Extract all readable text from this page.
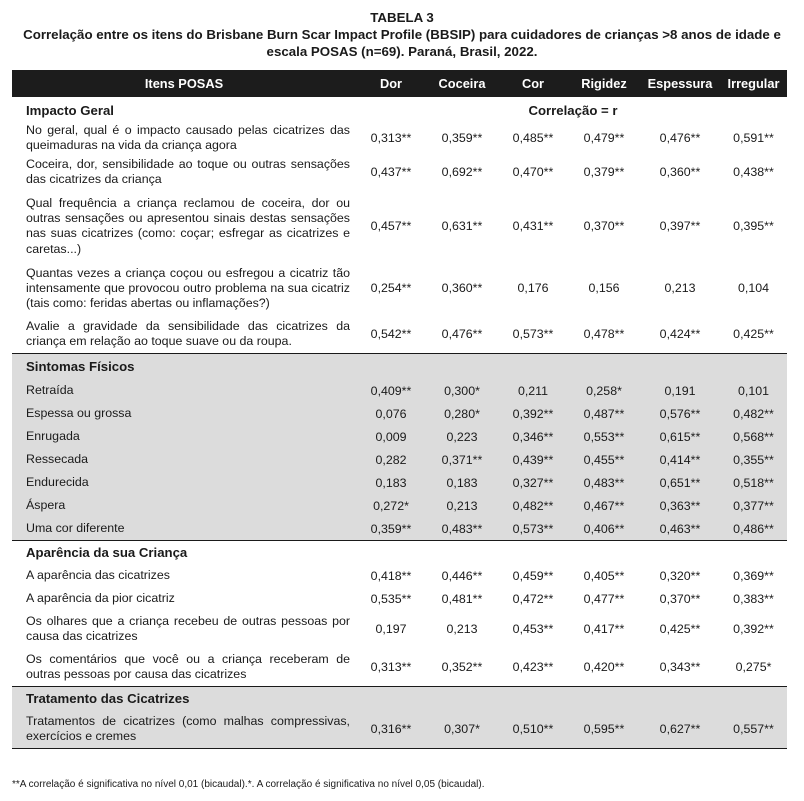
TABELA 3
Correlação entre os itens do Brisbane Burn Scar Impact Profile (BBSIP) para cuidadores de crianças >8 anos de idade e
escala POSAS (n=69). Paraná, Brasil, 2022.
Itens POSAS	Dor	Coceira	Cor	Rigidez	Espessura	Irregular
Impacto Geral		Correlação = r				
No geral, qual é o impacto causado pelas cicatrizes das queimaduras na vida da criança agora	0,313**	0,359**	0,485**	0,479**	0,476**	0,591**
Coceira, dor, sensibilidade ao toque ou outras sensações das cicatrizes da criança	0,437**	0,692**	0,470**	0,379**	0,360**	0,438**
Qual frequência a criança reclamou de coceira, dor ou outras sensações ou apresentou sinais destas sensações nas suas cicatrizes (como: coçar; esfregar as cicatrizes e caretas...)	0,457**	0,631**	0,431**	0,370**	0,397**	0,395**
Quantas vezes a criança coçou ou esfregou a cicatriz tão intensamente que provocou outro problema na sua cicatriz (tais como: feridas abertas ou inflamações?)	0,254**	0,360**	0,176	0,156	0,213	0,104
Avalie a gravidade da sensibilidade das cicatrizes da criança em relação ao toque suave ou da roupa.	0,542**	0,476**	0,573**	0,478**	0,424**	0,425**
Sintomas Físicos						
Retraída	0,409**	0,300*	0,211	0,258*	0,191	0,101
Espessa ou grossa	0,076	0,280*	0,392**	0,487**	0,576**	0,482**
Enrugada	0,009	0,223	0,346**	0,553**	0,615**	0,568**
Ressecada	0,282	0,371**	0,439**	0,455**	0,414**	0,355**
Endurecida	0,183	0,183	0,327**	0,483**	0,651**	0,518**
Áspera	0,272*	0,213	0,482**	0,467**	0,363**	0,377**
Uma cor diferente	0,359**	0,483**	0,573**	0,406**	0,463**	0,486**
Aparência da sua Criança						
A aparência das cicatrizes	0,418**	0,446**	0,459**	0,405**	0,320**	0,369**
A aparência da pior cicatriz	0,535**	0,481**	0,472**	0,477**	0,370**	0,383**
Os olhares que a criança recebeu de outras pessoas por causa das cicatrizes	0,197	0,213	0,453**	0,417**	0,425**	0,392**
Os comentários que você ou a criança receberam de outras pessoas por causa das cicatrizes	0,313**	0,352**	0,423**	0,420**	0,343**	0,275*
Tratamento das Cicatrizes						
Tratamentos de cicatrizes (como malhas compressivas, exercícios e cremes	0,316**	0,307*	0,510**	0,595**	0,627**	0,557**
**A correlação é significativa no nível 0,01 (bicaudal).*. A correlação é significativa no nível 0,05 (bicaudal).
